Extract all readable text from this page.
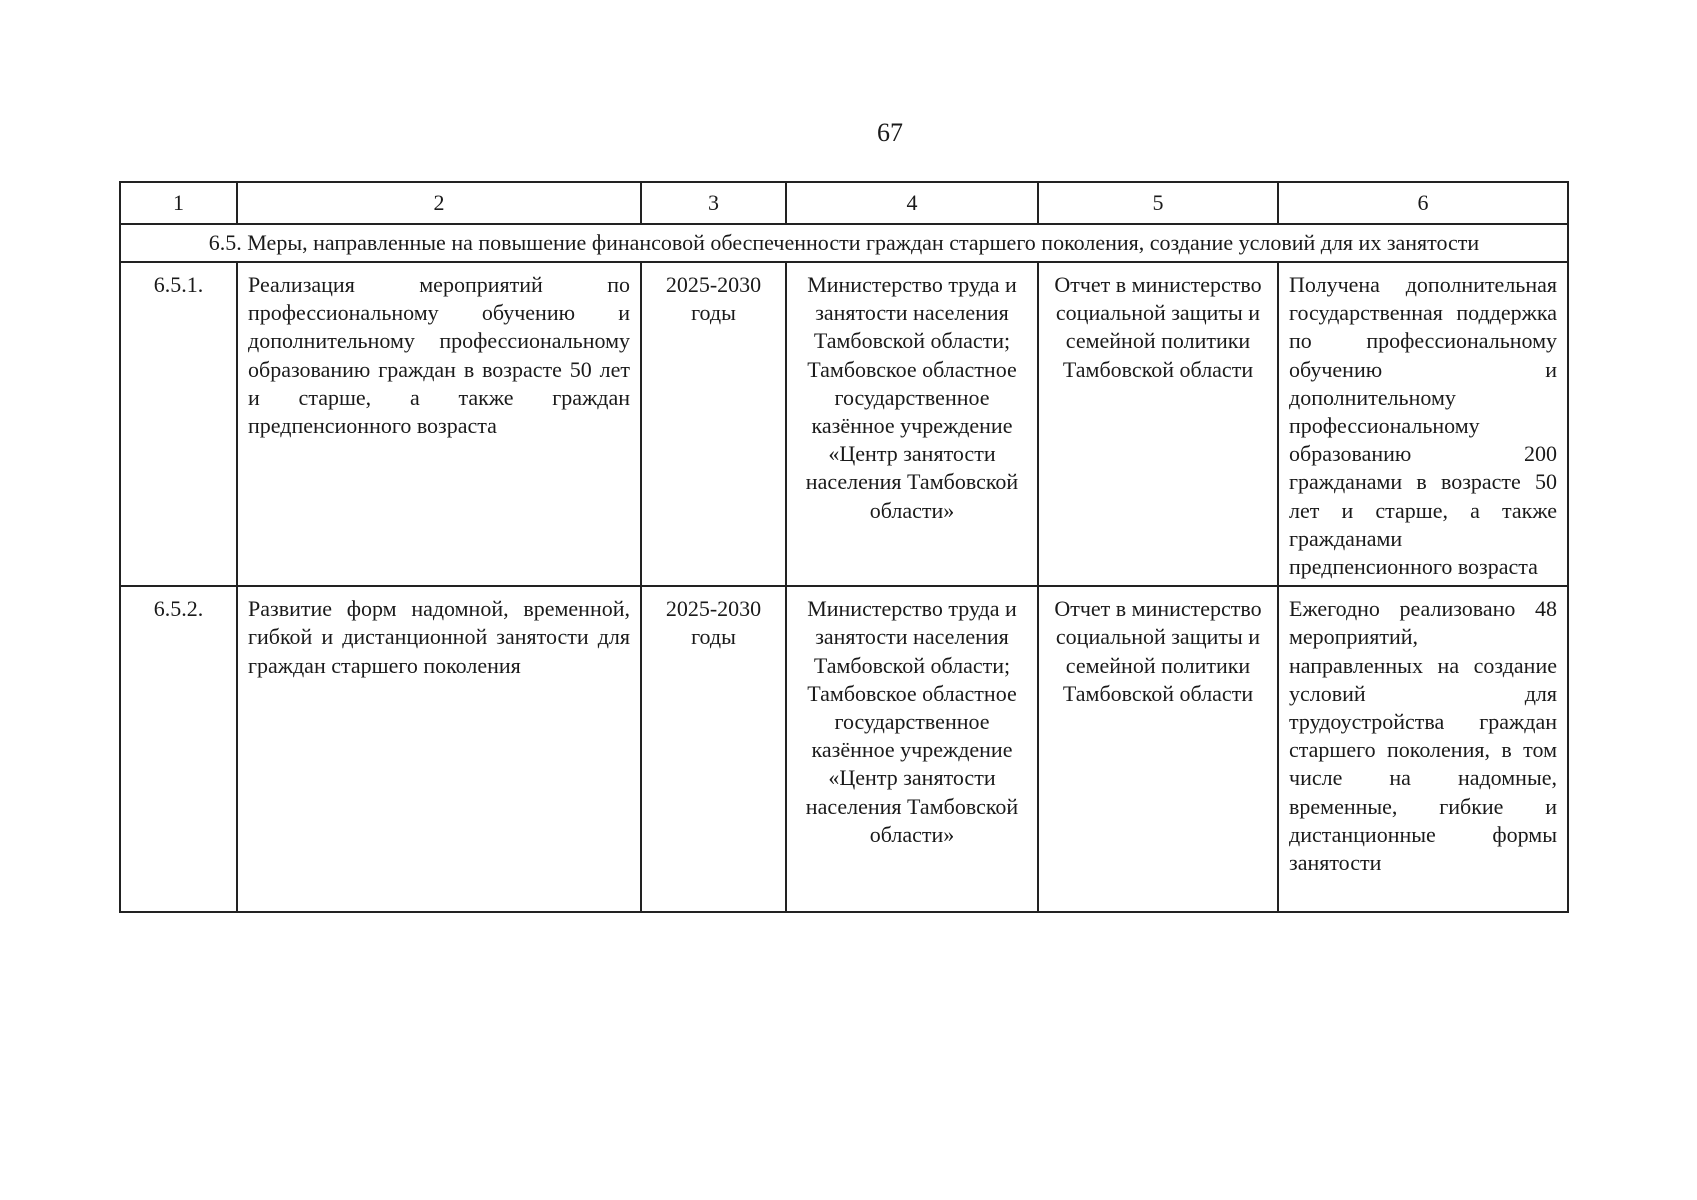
67
1	2	3	4	5	6
6.5. Меры, направленные на повышение финансовой обеспеченности граждан старшего поколения, создание условий для их занятости					
6.5.1.	Реализация мероприятий по профессиональному обучению и дополнительному профессиональному образованию граждан в возрасте 50 лет и старше, а также граждан предпенсионного возраста	2025-2030 годы	Министерство труда и занятости населения Тамбовской области; Тамбовское областное государственное казённое учреждение «Центр занятости населения Тамбовской области»	Отчет в министерство социальной защиты и семейной политики Тамбовской области	Получена дополнительная государственная поддержка по профессиональному обучению и дополнительному профессиональному образованию 200 гражданами в возрасте 50 лет и старше, а также гражданами предпенсионного возраста
6.5.2.	Развитие форм надомной, временной, гибкой и дистанционной занятости для граждан старшего поколения	2025-2030 годы	Министерство труда и занятости населения Тамбовской области; Тамбовское областное государственное казённое учреждение «Центр занятости населения Тамбовской области»	Отчет в министерство социальной защиты и семейной политики Тамбовской области	Ежегодно реализовано 48 мероприятий, направленных на создание условий для трудоустройства граждан старшего поколения, в том числе на надомные, временные, гибкие и дистанционные формы занятости
